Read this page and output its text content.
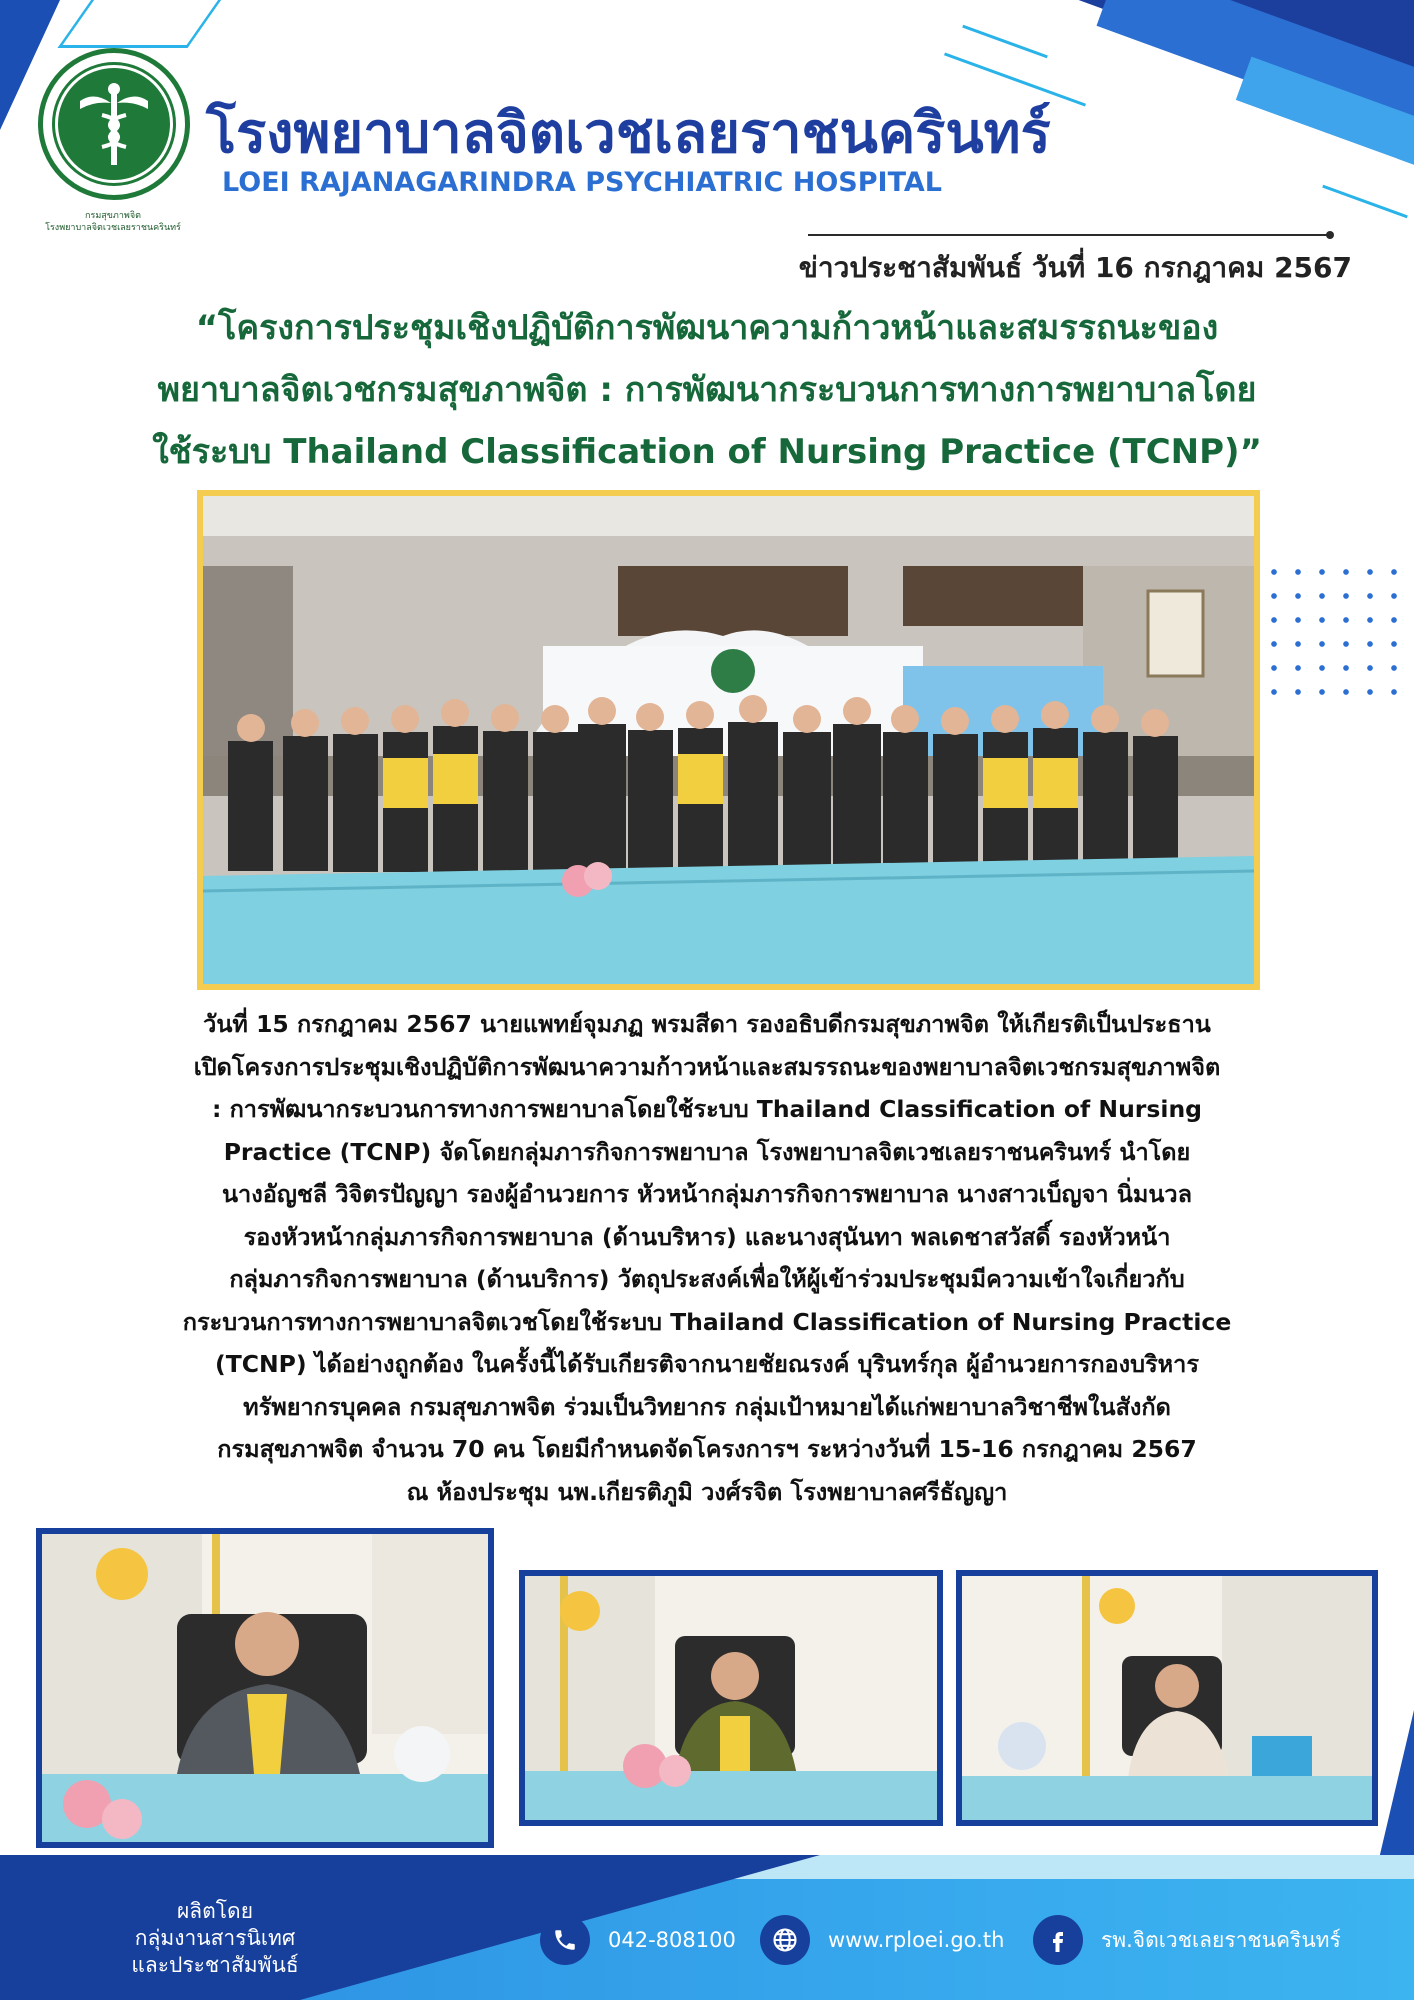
กรมสุขภาพจิต
โรงพยาบาลจิตเวชเลยราชนครินทร์
โรงพยาบาลจิตเวชเลยราชนครินทร์
LOEI RAJANAGARINDRA PSYCHIATRIC HOSPITAL
ข่าวประชาสัมพันธ์ วันที่ 16 กรกฎาคม 2567
“โครงการประชุมเชิงปฏิบัติการพัฒนาความก้าวหน้าและสมรรถนะของ
พยาบาลจิตเวชกรมสุขภาพจิต : การพัฒนากระบวนการทางการพยาบาลโดย
ใช้ระบบ Thailand Classification of Nursing Practice (TCNP)”
วันที่ 15 กรกฎาคม 2567 นายแพทย์จุมภฏ พรมสีดา รองอธิบดีกรมสุขภาพจิต ให้เกียรติเป็นประธาน
เปิดโครงการประชุมเชิงปฏิบัติการพัฒนาความก้าวหน้าและสมรรถนะของพยาบาลจิตเวชกรมสุขภาพจิต
: การพัฒนากระบวนการทางการพยาบาลโดยใช้ระบบ Thailand Classification of Nursing
Practice (TCNP) จัดโดยกลุ่มภารกิจการพยาบาล โรงพยาบาลจิตเวชเลยราชนครินทร์ นำโดย
นางอัญชลี วิจิตรปัญญา รองผู้อำนวยการ หัวหน้ากลุ่มภารกิจการพยาบาล นางสาวเบ็ญจา นิ่มนวล
รองหัวหน้ากลุ่มภารกิจการพยาบาล (ด้านบริหาร) และนางสุนันทา พลเดชาสวัสดิ์ รองหัวหน้า
กลุ่มภารกิจการพยาบาล (ด้านบริการ) วัตถุประสงค์เพื่อให้ผู้เข้าร่วมประชุมมีความเข้าใจเกี่ยวกับ
กระบวนการทางการพยาบาลจิตเวชโดยใช้ระบบ Thailand Classification of Nursing Practice
(TCNP) ได้อย่างถูกต้อง ในครั้งนี้ได้รับเกียรติจากนายชัยณรงค์ บุรินทร์กุล ผู้อำนวยการกองบริหาร
ทรัพยากรบุคคล กรมสุขภาพจิต ร่วมเป็นวิทยากร กลุ่มเป้าหมายได้แก่พยาบาลวิชาชีพในสังกัด
กรมสุขภาพจิต จำนวน 70 คน โดยมีกำหนดจัดโครงการฯ ระหว่างวันที่ 15-16 กรกฎาคม 2567
ณ ห้องประชุม นพ.เกียรติภูมิ วงศ์รจิต โรงพยาบาลศรีธัญญา
ผลิตโดย
กลุ่มงานสารนิเทศ
และประชาสัมพันธ์
042-808100	www.rploei.go.th	รพ.จิตเวชเลยราชนครินทร์
